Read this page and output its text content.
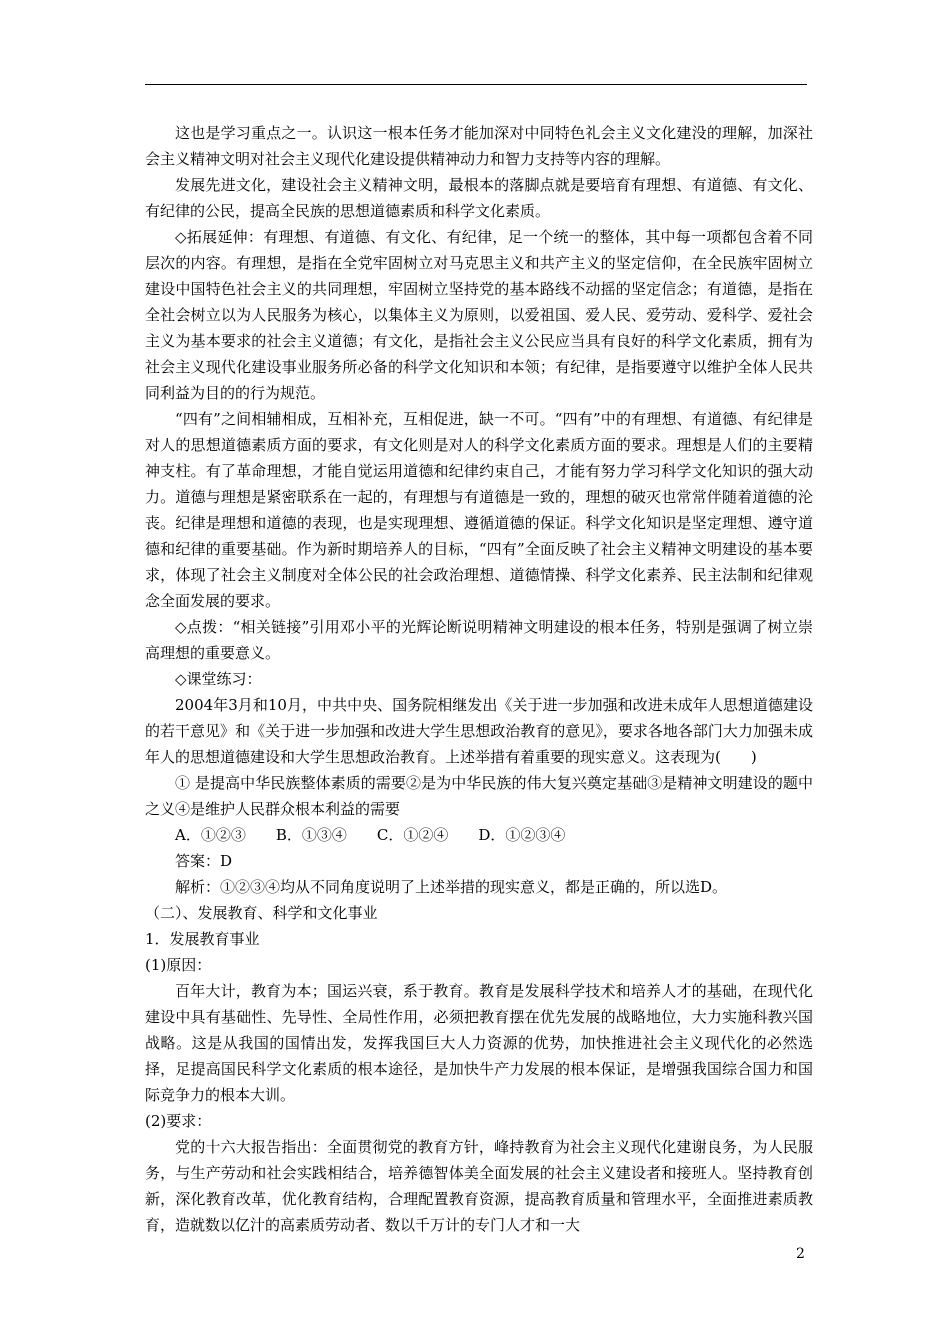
这也是学习重点之一。认识这一根本任务才能加深对中同特色礼会主义文化建没的理解，加深社会主义精神文明对社会主义现代化建设提供精神动力和智力支持等内容的理解。

发展先进文化，建设社会主义精神文明，最根本的落脚点就是要培育有理想、有道德、有文化、有纪律的公民，提高全民族的思想道德素质和科学文化素质。

◇拓展延伸：有理想、有道德、有文化、有纪律，足一个统一的整体，其中每一项都包含着不同层次的内容。有理想，是指在全党牢固树立对马克思主义和共产主义的坚定信仰，在全民族牢固树立建设中国特色社会主义的共同理想，牢固树立坚持党的基本路线不动摇的坚定信念；有道德，是指在全社会树立以为人民服务为核心，以集体主义为原则，以爱祖国、爱人民、爱劳动、爱科学、爱社会主义为基本要求的社会主义道德；有文化，是指社会主义公民应当具有良好的科学文化素质，拥有为社会主义现代化建设事业服务所必备的科学文化知识和本领；有纪律，是指要遵守以维护全体人民共同利益为目的的行为规范。

“四有”之间相辅相成，互相补充，互相促进，缺一不可。“四有”中的有理想、有道德、有纪律是对人的思想道德素质方面的要求，有文化则是对人的科学文化素质方面的要求。理想是人们的主要精神支柱。有了革命理想，才能自觉运用道德和纪律约束自己，才能有努力学习科学文化知识的强大动力。道德与理想是紧密联系在一起的，有理想与有道德是一致的，理想的破灭也常常伴随着道德的沦丧。纪律是理想和道德的表现，也是实现理想、遵循道德的保证。科学文化知识是坚定理想、遵守道德和纪律的重要基础。作为新时期培养人的目标，“四有”全面反映了社会主义精神文明建设的基本要求，体现了社会主义制度对全体公民的社会政治理想、道德情操、科学文化素养、民主法制和纪律观念全面发展的要求。

◇点拨：“相关链接”引用邓小平的光辉论断说明精神文明建设的根本任务，特别是强调了树立崇高理想的重要意义。

◇课堂练习：

2004年3月和10月，中共中央、国务院相继发出《关于进一步加强和改进未成年人思想道德建设的若干意见》和《关于进一步加强和改进大学生思想政治教育的意见》，要求各地各部门大力加强未成年人的思想道德建设和大学生思想政治教育。上述举措有着重要的现实意义。这表现为(　　)

① 是提高中华民族整体素质的需要②是为中华民族的伟大复兴奠定基础③是精神文明建设的题中之义④是维护人民群众根本利益的需要

A．①②③ B．①③④ C．①②④ D．①②③④

答案：D

解析：①②③④均从不同角度说明了上述举措的现实意义，都是正确的，所以选D。

（二）、发展教育、科学和文化事业

1．发展教育事业

(1)原因：

百年大计，教育为本；国运兴衰，系于教育。教育是发展科学技术和培养人才的基础，在现代化建设中具有基础性、先导性、全局性作用，必须把教育摆在优先发展的战略地位，大力实施科教兴国战略。这是从我国的国情出发，发挥我国巨大人力资源的优势，加快推进社会主义现代化的必然选择，足提高国民科学文化素质的根本途径，是加快牛产力发展的根本保证，是增强我国综合国力和国际竞争力的根本大训。

(2)要求：

党的十六大报告指出：全面贯彻党的教育方针，峰持教育为社会主义现代化建谢良务，为人民服务，与生产劳动和社会实践相结合，培养德智体美全面发展的社会主义建设者和接班人。坚持教育创新，深化教育改革，优化教育结构，合理配置教育资源，提高教育质量和管理水平，全面推进素质教育，造就数以亿汁的高素质劳动者、数以千万计的专门人才和一大

2
